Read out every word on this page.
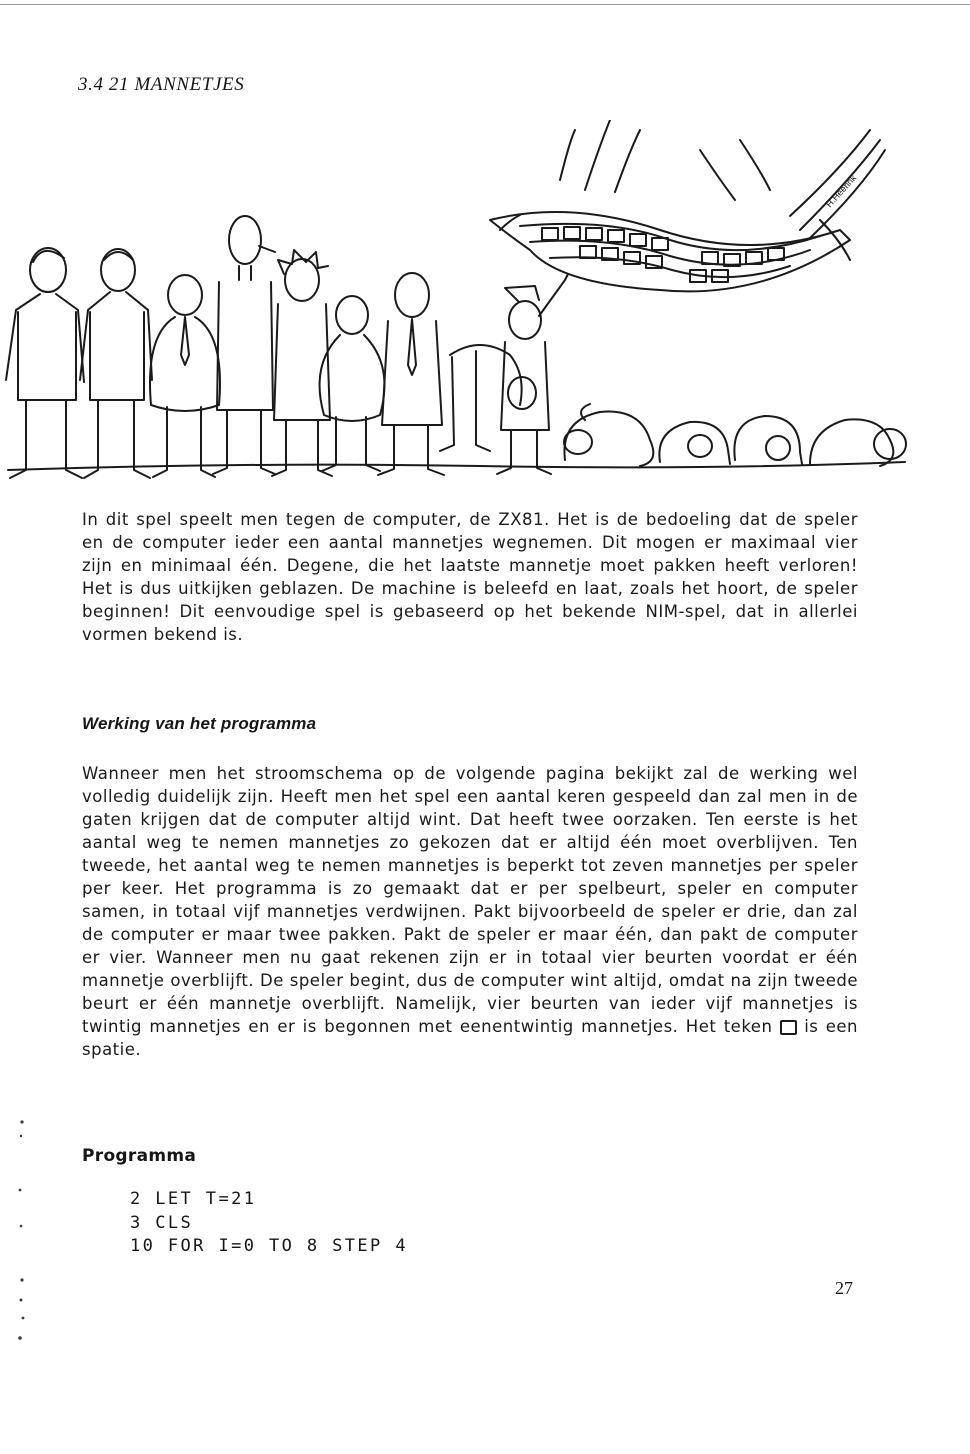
3.4 21 MANNETJES
H.Heerink

In dit spel speelt men tegen de computer, de ZX81. Het is de bedoeling dat de speler en de computer ieder een aantal mannetjes wegnemen. Dit mogen er maximaal vier zijn en minimaal één. Degene, die het laatste mannetje moet pakken heeft verloren! Het is dus uitkijken geblazen. De machine is beleefd en laat, zoals het hoort, de speler beginnen! Dit eenvoudige spel is gebaseerd op het bekende NIM-spel, dat in allerlei vormen bekend is.

Werking van het programma

Wanneer men het stroomschema op de volgende pagina bekijkt zal de werking wel volledig duidelijk zijn. Heeft men het spel een aantal keren gespeeld dan zal men in de gaten krijgen dat de computer altijd wint. Dat heeft twee oorzaken. Ten eerste is het aantal weg te nemen mannetjes zo gekozen dat er altijd één moet overblijven. Ten tweede, het aantal weg te nemen mannetjes is beperkt tot zeven mannetjes per speler per keer. Het programma is zo gemaakt dat er per spelbeurt, speler en computer samen, in totaal vijf mannetjes verdwijnen. Pakt bijvoorbeeld de speler er drie, dan zal de computer er maar twee pakken. Pakt de speler er maar één, dan pakt de computer er vier. Wanneer men nu gaat rekenen zijn er in totaal vier beurten voordat er één mannetje overblijft. De speler begint, dus de computer wint altijd, omdat na zijn tweede beurt er één mannetje overblijft. Namelijk, vier beurten van ieder vijf mannetjes is twintig mannetjes en er is begonnen met eenentwintig mannetjes. Het teken is een spatie.

Programma
2 LET T=21
3 CLS
10 FOR I=0 TO 8 STEP 4
27
